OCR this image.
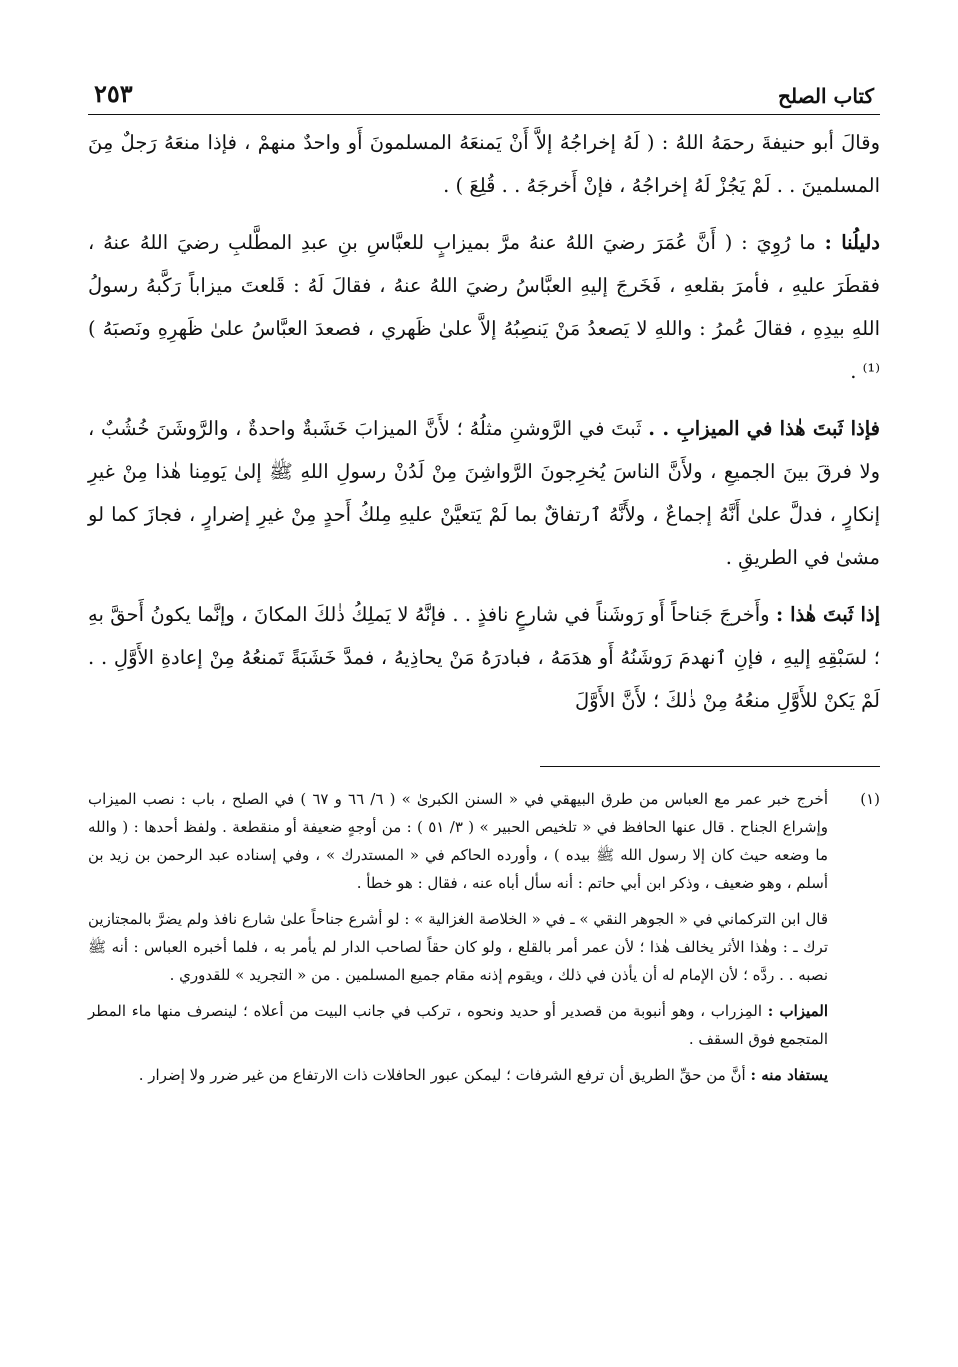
كتاب الصلح
٢٥٣

وقالَ أبو حنيفةَ رحمَهُ اللهُ : ( لَهُ إخراجُهُ إلاَّ أَنْ يَمنعَهُ المسلمونَ أَو واحدٌ منهمْ ، فإذا منعَهُ رَجلٌ مِنَ المسلمينَ . . لَمْ يَجُزْ لَهُ إخراجُهُ ، فإنْ أَخرجَهُ . . قُلِعَ ) .

دليلُنا : ما رُوِيَ : ( أَنَّ عُمَرَ رضيَ اللهُ عنهُ مرَّ بميزابٍ للعبَّاسِ بنِ عبدِ المطَّلبِ رضيَ اللهُ عنهُ ، فقطَرَ عليهِ ، فأمرَ بقلعهِ ، فَخَرجَ إليهِ العبَّاسُ رضيَ اللهُ عنهُ ، فقالَ لَهُ : قَلعتَ ميزاباً رَكَّبهُ رسولُ اللهِ بيدِهِ ، فقالَ عُمرُ : واللهِ لا يَصعدُ مَنْ يَنصِبُهُ إلاَّ علىٰ ظَهري ، فصعدَ العبَّاسُ علىٰ ظَهرِهِ ونَصبَهُ )⁽¹⁾ .

فإذا ثَبتَ هٰذا في الميزابِ . . ثَبتَ في الرَّوشنِ مثلُهُ ؛ لأَنَّ الميزابَ خَشَبةٌ واحدةٌ ، والرَّوشَنَ خُشُبٌ ، ولا فرقَ بينَ الجميعِ ، ولأَنَّ الناسَ يُخرِجونَ الرَّواشِنَ مِنْ لَدُنْ رسولِ اللهِ ﷺ إلىٰ يَومِنا هٰذا مِنْ غيرِ إنكارٍ ، فدلَّ علىٰ أَنَّهُ إجماعٌ ، ولأَنَّهُ ٱرتفاقٌ بما لَمْ يَتعيَّنْ عليهِ مِلكُ أَحدٍ مِنْ غيرِ إضرارٍ ، فجازَ كما لو مشىٰ في الطريقِ .

إذا ثَبتَ هٰذا : وأَخرجَ جَناحاً أَو رَوشَناً في شارعٍ نافذٍ . . فإنَّهُ لا يَملِكُ ذٰلكَ المكانَ ، وإنَّما يكونُ أَحقَّ بهِ ؛ لسَبْقِهِ إليهِ ، فإنِ ٱنهدمَ رَوشَنُهُ أَو هدَمَهُ ، فبادرَهُ مَنْ يحاذِيهُ ، فمدَّ خَشَبَةً تَمنعُهُ مِنْ إعادةِ الأَوَّلِ . . لَمْ يَكنْ للأَوَّلِ منعُهُ مِنْ ذٰلكَ ؛ لأَنَّ الأَوَّلَ

(١)

أخرج خبر عمر مع العباس من طرق البيهقي في « السنن الكبرىٰ » ( ٦/ ٦٦ و ٦٧ ) في الصلح ، باب : نصب الميزاب وإشراع الجناح . قال عنها الحافظ في « تلخيص الحبير » ( ٣/ ٥١ ) : من أوجهٍ ضعيفة أو منقطعة . ولفظ أحدها : ( والله ما وضعه حيث كان إلا رسول الله ﷺ بيده ) ، وأورده الحاكم في « المستدرك » ، وفي إسناده عبد الرحمن بن زيد بن أسلم ، وهو ضعيف ، وذكر ابن أبي حاتم : أنه سأل أباه عنه ، فقال : هو خطأ .

قال ابن التركماني في « الجوهر النقي » ـ في « الخلاصة الغزالية » : لو أشرع جناحاً علىٰ شارع نافذ ولم يضرَّ بالمجتازين ترك ـ : وهٰذا الأثر يخالف هٰذا ؛ لأن عمر أمر بالقلع ، ولو كان حقاً لصاحب الدار لم يأمر به ، فلما أخبره العباس : أنه ﷺ نصبه . . ردَّه ؛ لأن الإمام له أن يأذن في ذلك ، ويقوم إذنه مقام جميع المسلمين . من « التجريد » للقدوري .

الميزاب : المِزراب ، وهو أنبوبة من قصدير أو حديد ونحوه ، تركب في جانب البيت من أعلاه ؛ لينصرف منها ماء المطر المتجمع فوق السقف .

يستفاد منه : أنَّ من حقِّ الطريق أن ترفع الشرفات ؛ ليمكن عبور الحافلات ذات الارتفاع من غير ضرر ولا إضرار .
